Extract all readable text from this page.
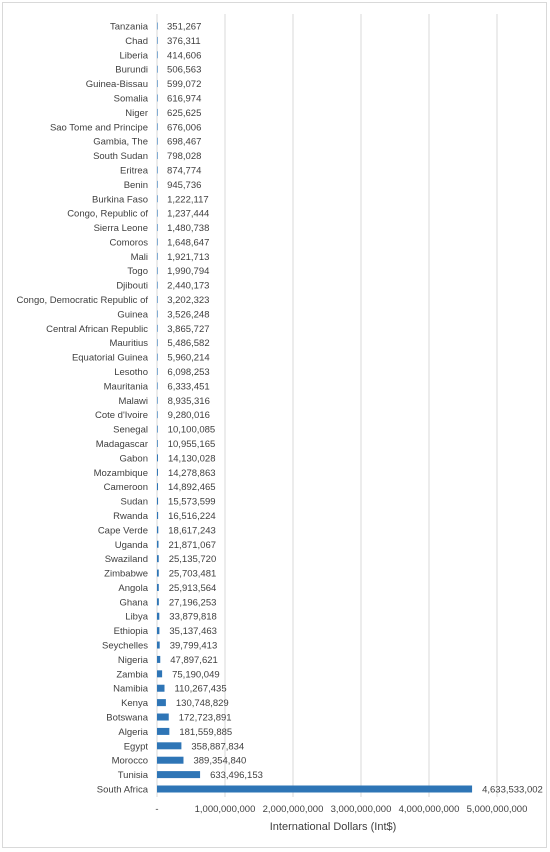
-	1,000,000,000 2,000,000,000 3,000,000,000 4,000,000,000 5,000,000,000
Tanzania 351,267
Chad 376,311
Liberia 414,606
Burundi 506,563
Guinea-Bissau 599,072
Somalia 616,974
Niger 625,625
Sao Tome and Principe 676,006
Gambia, The 698,467
South Sudan 798,028
Eritrea 874,774
Benin 945,736
Burkina Faso 1,222,117
Congo, Republic of 1,237,444
Sierra Leone 1,480,738
Comoros 1,648,647
Mali 1,921,713
Togo 1,990,794
Djibouti 2,440,173
Congo, Democratic Republic of 3,202,323
Guinea 3,526,248
Central African Republic 3,865,727
Mauritius 5,486,582
Equatorial Guinea 5,960,214
Lesotho 6,098,253
Mauritania 6,333,451
Malawi 8,935,316
Cote d'Ivoire 9,280,016
Senegal 10,100,085
Madagascar 10,955,165
Gabon 14,130,028
Mozambique 14,278,863
Cameroon 14,892,465
Sudan 15,573,599
Rwanda 16,516,224
Cape Verde 18,617,243
Uganda 21,871,067
Swaziland 25,135,720
Zimbabwe 25,703,481
Angola 25,913,564
Ghana 27,196,253
Libya 33,879,818
Ethiopia 35,137,463
Seychelles 39,799,413
Nigeria 47,897,621
Zambia	75,190,049
Namibia	110,267,435
Kenya	130,748,829
Botswana	172,723,891
Algeria	181,559,885
Egypt	358,887,834
Morocco	389,354,840
Tunisia	633,496,153
South Africa	4,633,533,002
International Dollars (Int$)
